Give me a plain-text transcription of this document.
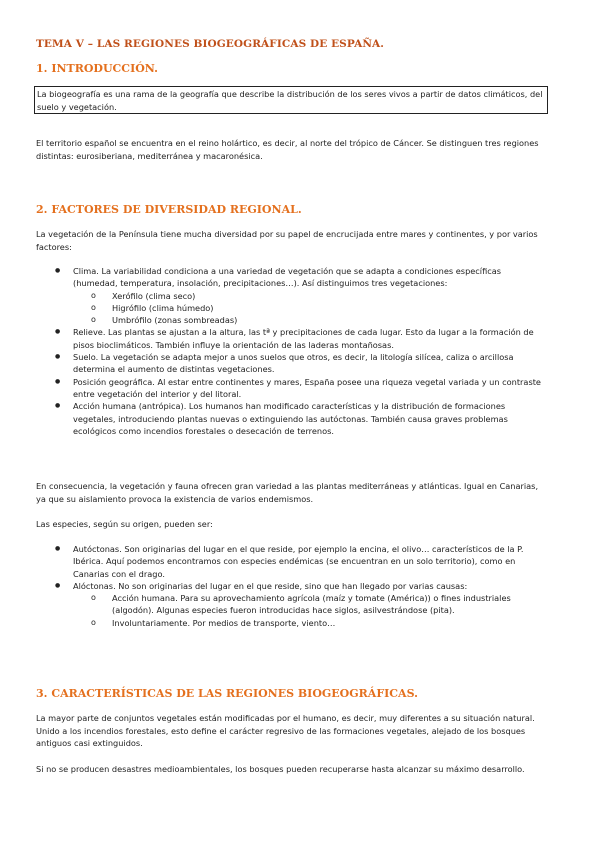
TEMA V – LAS REGIONES BIOGEOGRÁFICAS DE ESPAÑA.
1. INTRODUCCIÓN.
La biogeografía es una rama de la geografía que describe la distribución de los seres vivos a partir de datos climáticos, del suelo y vegetación.

El territorio español se encuentra en el reino holártico, es decir, al norte del trópico de Cáncer. Se distinguen tres regiones distintas: eurosiberiana, mediterránea y macaronésica.

2. FACTORES DE DIVERSIDAD REGIONAL.

La vegetación de la Península tiene mucha diversidad por su papel de encrucijada entre mares y continentes, y por varios factores:

● Clima. La variabilidad condiciona a una variedad de vegetación que se adapta a condiciones específicas (humedad, temperatura, insolación, precipitaciones…). Así distinguimos tres vegetaciones:
o Xerófilo (clima seco)
o Higrófilo (clima húmedo)
o Umbrófilo (zonas sombreadas)
● Relieve. Las plantas se ajustan a la altura, las tª y precipitaciones de cada lugar. Esto da lugar a la formación de pisos bioclimáticos. También influye la orientación de las laderas montañosas.
● Suelo. La vegetación se adapta mejor a unos suelos que otros, es decir, la litología silícea, caliza o arcillosa determina el aumento de distintas vegetaciones.
● Posición geográfica. Al estar entre continentes y mares, España posee una riqueza vegetal variada y un contraste entre vegetación del interior y del litoral.
● Acción humana (antrópica). Los humanos han modificado características y la distribución de formaciones vegetales, introduciendo plantas nuevas o extinguiendo las autóctonas. También causa graves problemas ecológicos como incendios forestales o desecación de terrenos.

En consecuencia, la vegetación y fauna ofrecen gran variedad a las plantas mediterráneas y atlánticas. Igual en Canarias, ya que su aislamiento provoca la existencia de varios endemismos.

Las especies, según su origen, pueden ser:

● Autóctonas. Son originarias del lugar en el que reside, por ejemplo la encina, el olivo… característicos de la P. Ibérica. Aquí podemos encontramos con especies endémicas (se encuentran en un solo territorio), como en Canarias con el drago.
● Alóctonas. No son originarias del lugar en el que reside, sino que han llegado por varias causas:
o Acción humana. Para su aprovechamiento agrícola (maíz y tomate (América)) o fines industriales (algodón). Algunas especies fueron introducidas hace siglos, asilvestrándose (pita).
o Involuntariamente. Por medios de transporte, viento…
3. CARACTERÍSTICAS DE LAS REGIONES BIOGEOGRÁFICAS.

La mayor parte de conjuntos vegetales están modificadas por el humano, es decir, muy diferentes a su situación natural. Unido a los incendios forestales, esto define el carácter regresivo de las formaciones vegetales, alejado de los bosques antiguos casi extinguidos.

Si no se producen desastres medioambientales, los bosques pueden recuperarse hasta alcanzar su máximo desarrollo.
